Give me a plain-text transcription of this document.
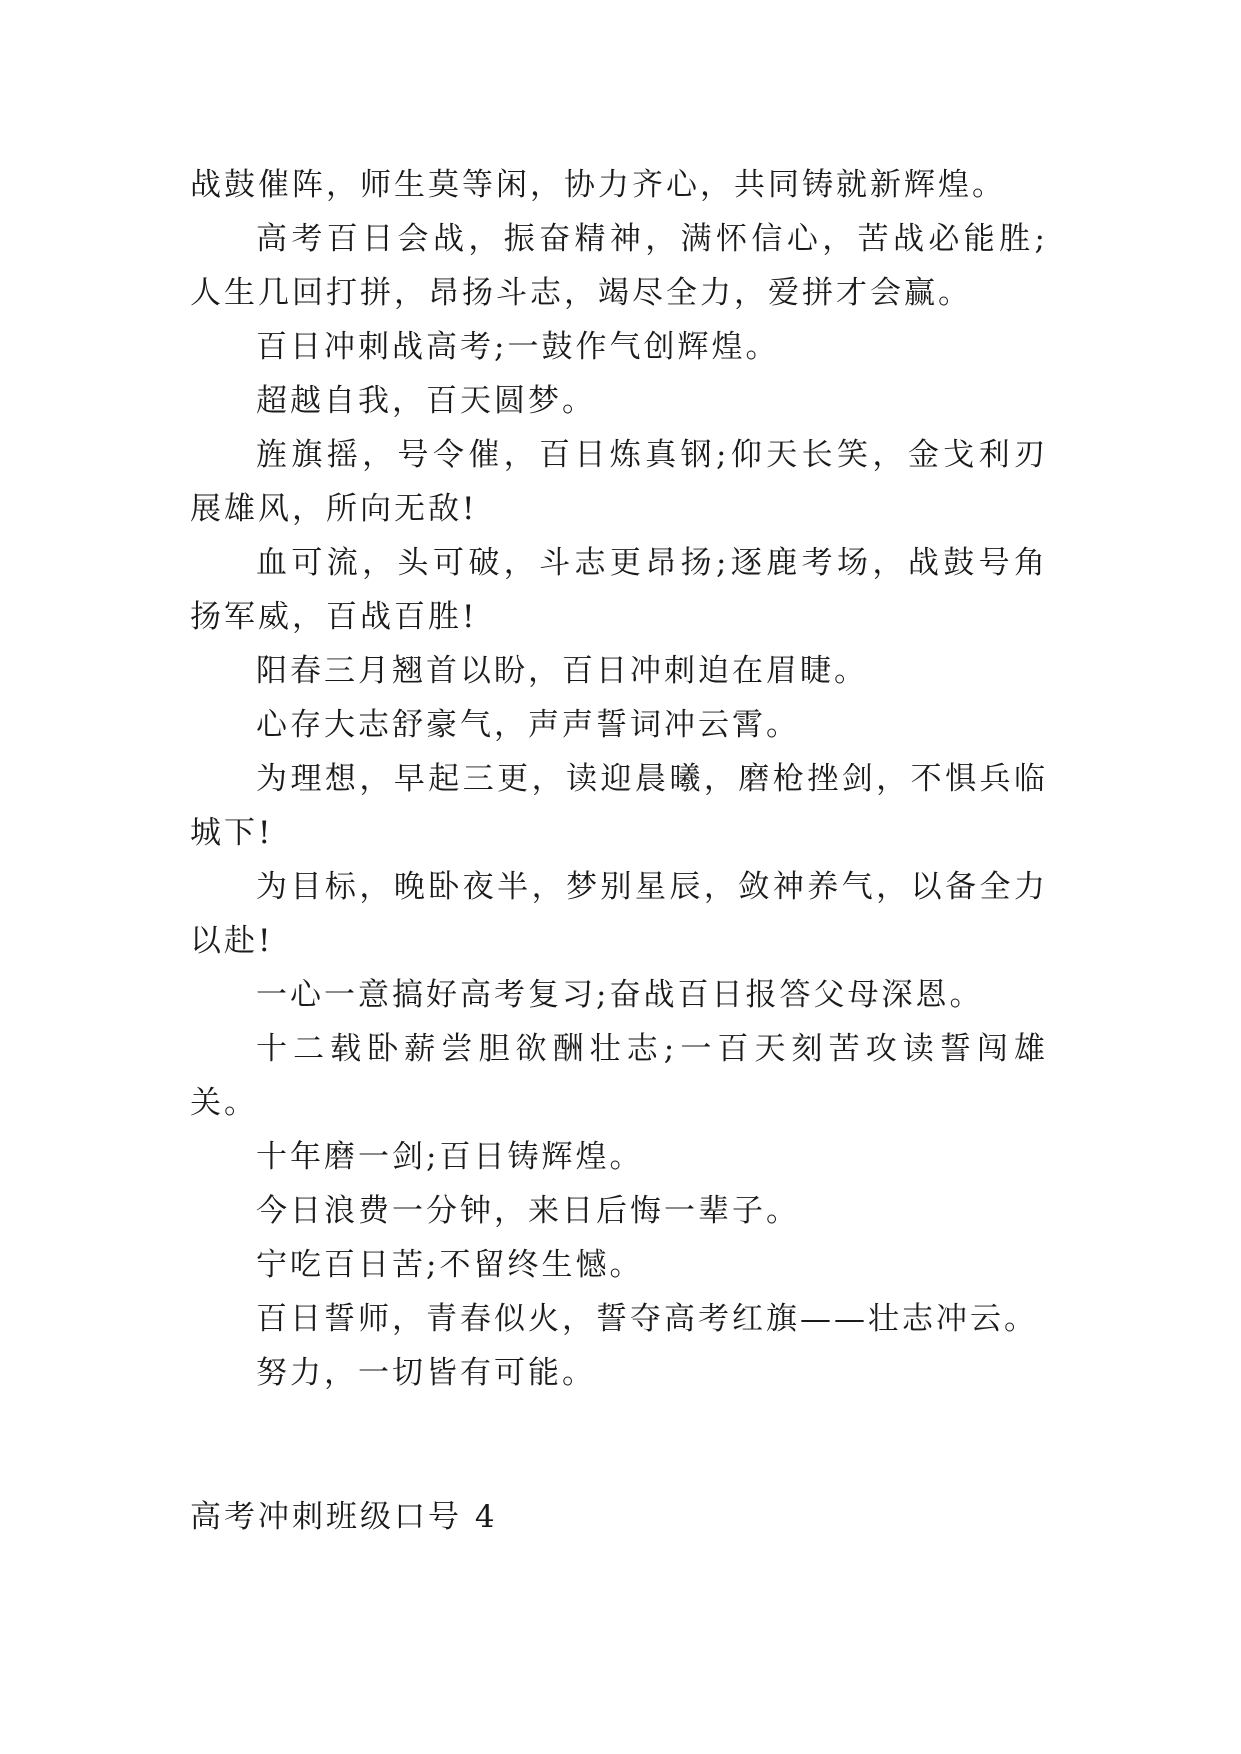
战鼓催阵，师生莫等闲，协力齐心，共同铸就新辉煌。

高考百日会战，振奋精神，满怀信心，苦战必能胜;人生几回打拼，昂扬斗志，竭尽全力，爱拼才会赢。

百日冲刺战高考;一鼓作气创辉煌。

超越自我，百天圆梦。

旌旗摇，号令催，百日炼真钢;仰天长笑，金戈利刃展雄风，所向无敌!

血可流，头可破，斗志更昂扬;逐鹿考场，战鼓号角扬军威，百战百胜!

阳春三月翘首以盼，百日冲刺迫在眉睫。

心存大志舒豪气，声声誓词冲云霄。

为理想，早起三更，读迎晨曦，磨枪挫剑，不惧兵临城下!

为目标，晚卧夜半，梦别星辰，敛神养气，以备全力以赴!

一心一意搞好高考复习;奋战百日报答父母深恩。

十二载卧薪尝胆欲酬壮志;一百天刻苦攻读誓闯雄关。

十年磨一剑;百日铸辉煌。

今日浪费一分钟，来日后悔一辈子。

宁吃百日苦;不留终生憾。

百日誓师，青春似火，誓夺高考红旗——壮志冲云。

努力，一切皆有可能。

高考冲刺班级口号 4
